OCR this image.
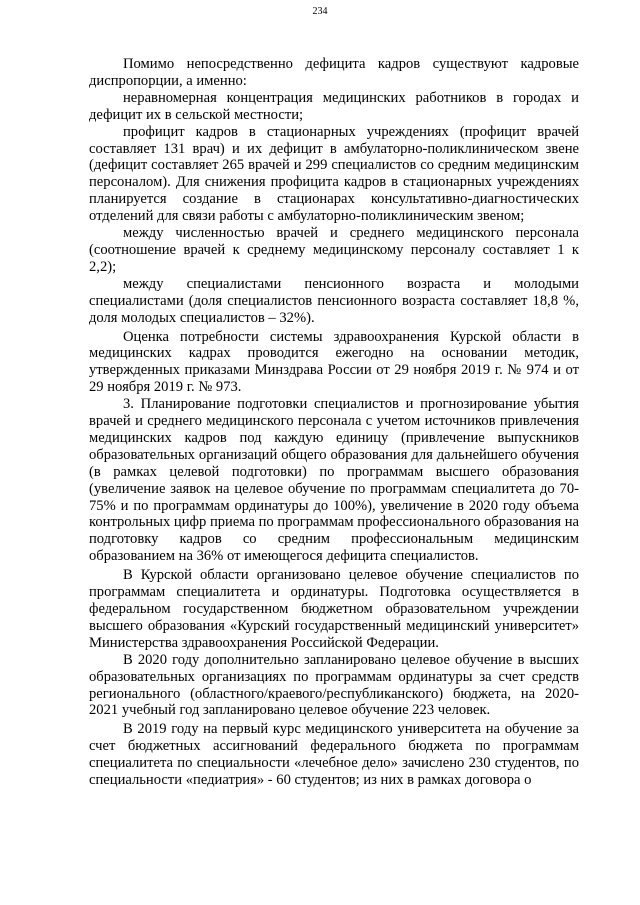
234

Помимо непосредственно дефицита кадров существуют кадровые диспропорции, а именно:

неравномерная концентрация медицинских работников в городах и дефицит их в сельской местности;

профицит кадров в стационарных учреждениях (профицит врачей составляет 131 врач) и их дефицит в амбулаторно-поликлиническом звене (дефицит составляет 265 врачей и 299 специалистов со средним медицинским персоналом). Для снижения профицита кадров в стационарных учреждениях планируется создание в стационарах консультативно-диагностических отделений для связи работы с амбулаторно-поликлиническим звеном;

между численностью врачей и среднего медицинского персонала (соотношение врачей к среднему медицинскому персоналу составляет 1 к 2,2);

между специалистами пенсионного возраста и молодыми специалистами (доля специалистов пенсионного возраста составляет 18,8 %, доля молодых специалистов – 32%).

Оценка потребности системы здравоохранения Курской области в медицинских кадрах проводится ежегодно на основании методик, утвержденных приказами Минздрава России от 29 ноября 2019 г. № 974 и от 29 ноября 2019 г. № 973.

3. Планирование подготовки специалистов и прогнозирование убытия врачей и среднего медицинского персонала с учетом источников привлечения медицинских кадров под каждую единицу (привлечение выпускников образовательных организаций общего образования для дальнейшего обучения (в рамках целевой подготовки) по программам высшего образования (увеличение заявок на целевое обучение по программам специалитета до 70-75% и по программам ординатуры до 100%), увеличение в 2020 году объема контрольных цифр приема по программам профессионального образования на подготовку кадров со средним профессиональным медицинским образованием на 36% от имеющегося дефицита специалистов.

В Курской области организовано целевое обучение специалистов по программам специалитета и ординатуры. Подготовка осуществляется в федеральном государственном бюджетном образовательном учреждении высшего образования «Курский государственный медицинский университет» Министерства здравоохранения Российской Федерации.

В 2020 году дополнительно запланировано целевое обучение в высших образовательных организациях по программам ординатуры за счет средств регионального (областного/краевого/республиканского) бюджета, на 2020-2021 учебный год запланировано целевое обучение 223 человек.

В 2019 году на первый курс медицинского университета на обучение за счет бюджетных ассигнований федерального бюджета по программам специалитета по специальности «лечебное дело» зачислено 230 студентов, по специальности «педиатрия» - 60 студентов; из них в рамках договора о
